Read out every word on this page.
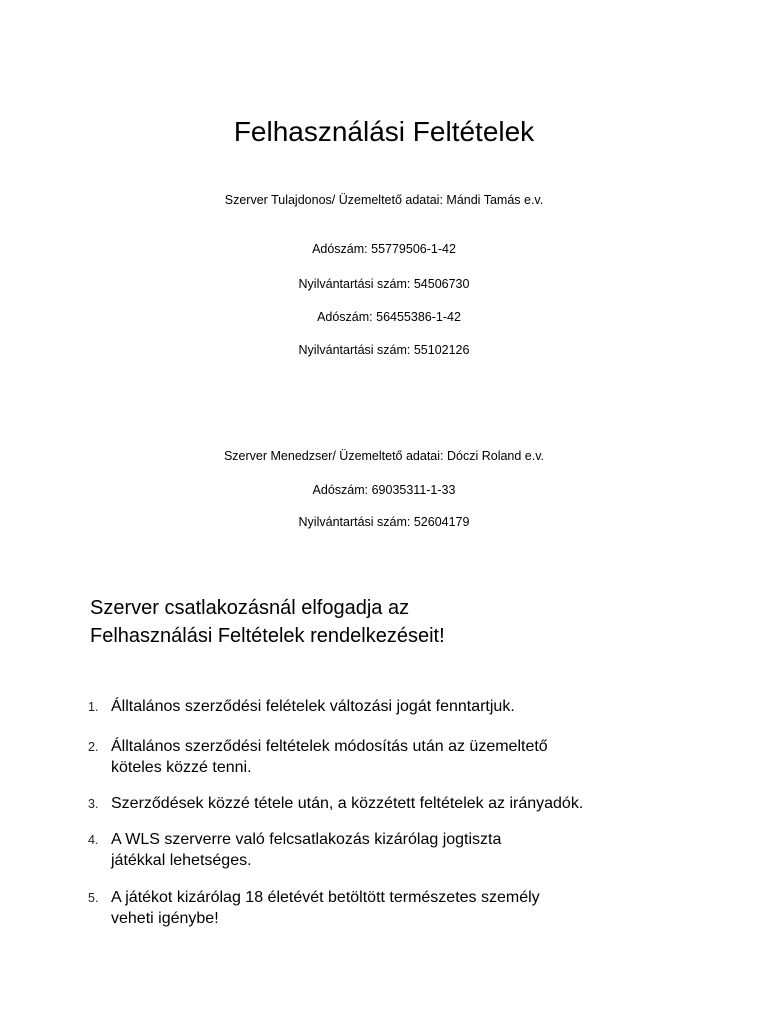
Felhasználási Feltételek
Szerver Tulajdonos/ Üzemeltető adatai: Mándi Tamás e.v.
Adószám: 55779506-1-42
Nyilvántartási szám: 54506730
Adószám: 56455386-1-42
Nyilvántartási szám: 55102126
Szerver Menedzser/ Üzemeltető adatai: Dóczi Roland e.v.
Adószám: 69035311-1-33
Nyilvántartási szám: 52604179
Szerver csatlakozásnál elfogadja az
Felhasználási Feltételek rendelkezéseit!
1. Álltalános szerződési felételek változási jogát fenntartjuk.
2. Álltalános szerződési feltételek módosítás után az üzemeltető
köteles közzé tenni.
3. Szerződések közzé tétele után, a közzétett feltételek az irányadók.
4. A WLS szerverre való felcsatlakozás kizárólag jogtiszta
játékkal lehetséges.
5. A játékot kizárólag 18 életévét betöltött természetes személy
veheti igénybe!
